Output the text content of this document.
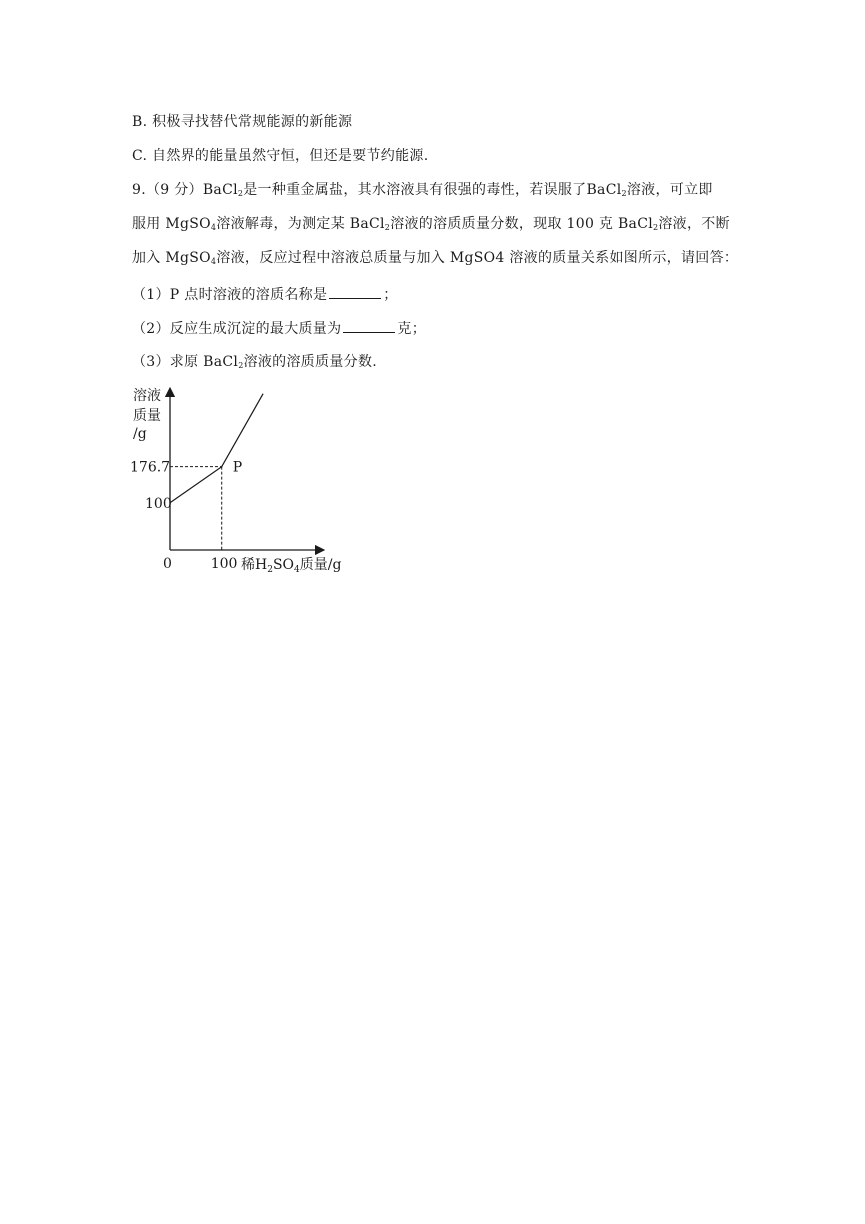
B. 积极寻找替代常规能源的新能源
C. 自然界的能量虽然守恒，但还是要节约能源.
9.（9 分）BaCl$_2$是一种重金属盐，其水溶液具有很强的毒性，若误服了BaCl$_2$溶液，可立即
服用 MgSO$_4$溶液解毒，为测定某 BaCl$_2$溶液的溶质质量分数，现取 100 克 BaCl$_2$溶液，不断
加入 MgSO$_4$溶液，反应过程中溶液总质量与加入 MgSO4 溶液的质量关系如图所示，请回答：
（1）P 点时溶液的溶质名称是	；
（2）反应生成沉淀的最大质量为	克；
（3）求原 BaCl$_2$溶液的溶质质量分数.
溶液
质量
/g
176.7
100
P
0	100 稀$H_2SO_4$质量/g
